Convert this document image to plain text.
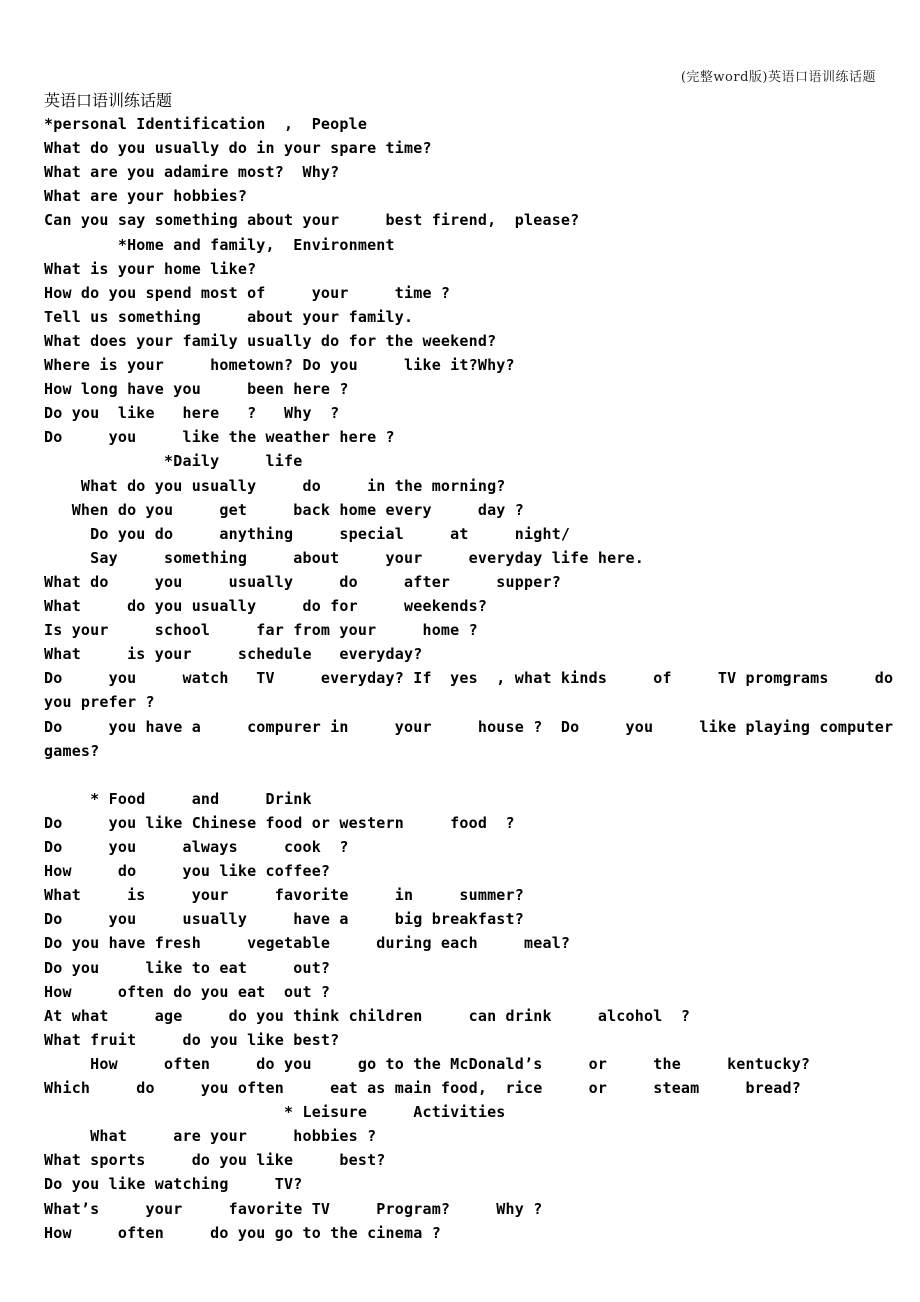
(完整word版)英语口语训练话题
英语口语训练话题
*personal Identification  ,  People
What do you usually do in your spare time?
What are you adamire most?  Why?
What are your hobbies?
Can you say something about your     best firend,  please?
*Home and family,  Environment
What is your home like?
How do you spend most of     your     time ?
Tell us something     about your family.
What does your family usually do for the weekend?
Where is your     hometown? Do you     like it?Why?
How long have you     been here ?
Do you  like   here   ?   Why  ?
Do     you     like the weather here ?
*Daily     life
What do you usually     do     in the morning?
When do you     get     back home every     day ?
Do you do     anything     special     at     night/
Say     something     about     your     everyday life here.
What do     you     usually     do     after     supper?
What     do you usually     do for     weekends?
Is your     school     far from your     home ?
What     is your     schedule   everyday?
Do     you     watch   TV     everyday? If  yes  , what kinds     of     TV promgrams     do
you prefer ?
Do     you have a     compurer in     your     house ?  Do     you     like playing computer
games?
* Food     and     Drink
Do     you like Chinese food or western     food  ?
Do     you     always     cook  ?
How     do     you like coffee?
What     is     your     favorite     in     summer?
Do     you     usually     have a     big breakfast?
Do you have fresh     vegetable     during each     meal?
Do you     like to eat     out?
How     often do you eat  out ?
At what     age     do you think children     can drink     alcohol  ?
What fruit     do you like best?
How     often     do you     go to the McDonald’s     or     the     kentucky?
Which     do     you often     eat as main food,  rice     or     steam     bread?
* Leisure     Activities
What     are your     hobbies ?
What sports     do you like     best?
Do you like watching     TV?
What’s     your     favorite TV     Program?     Why ?
How     often     do you go to the cinema ?
